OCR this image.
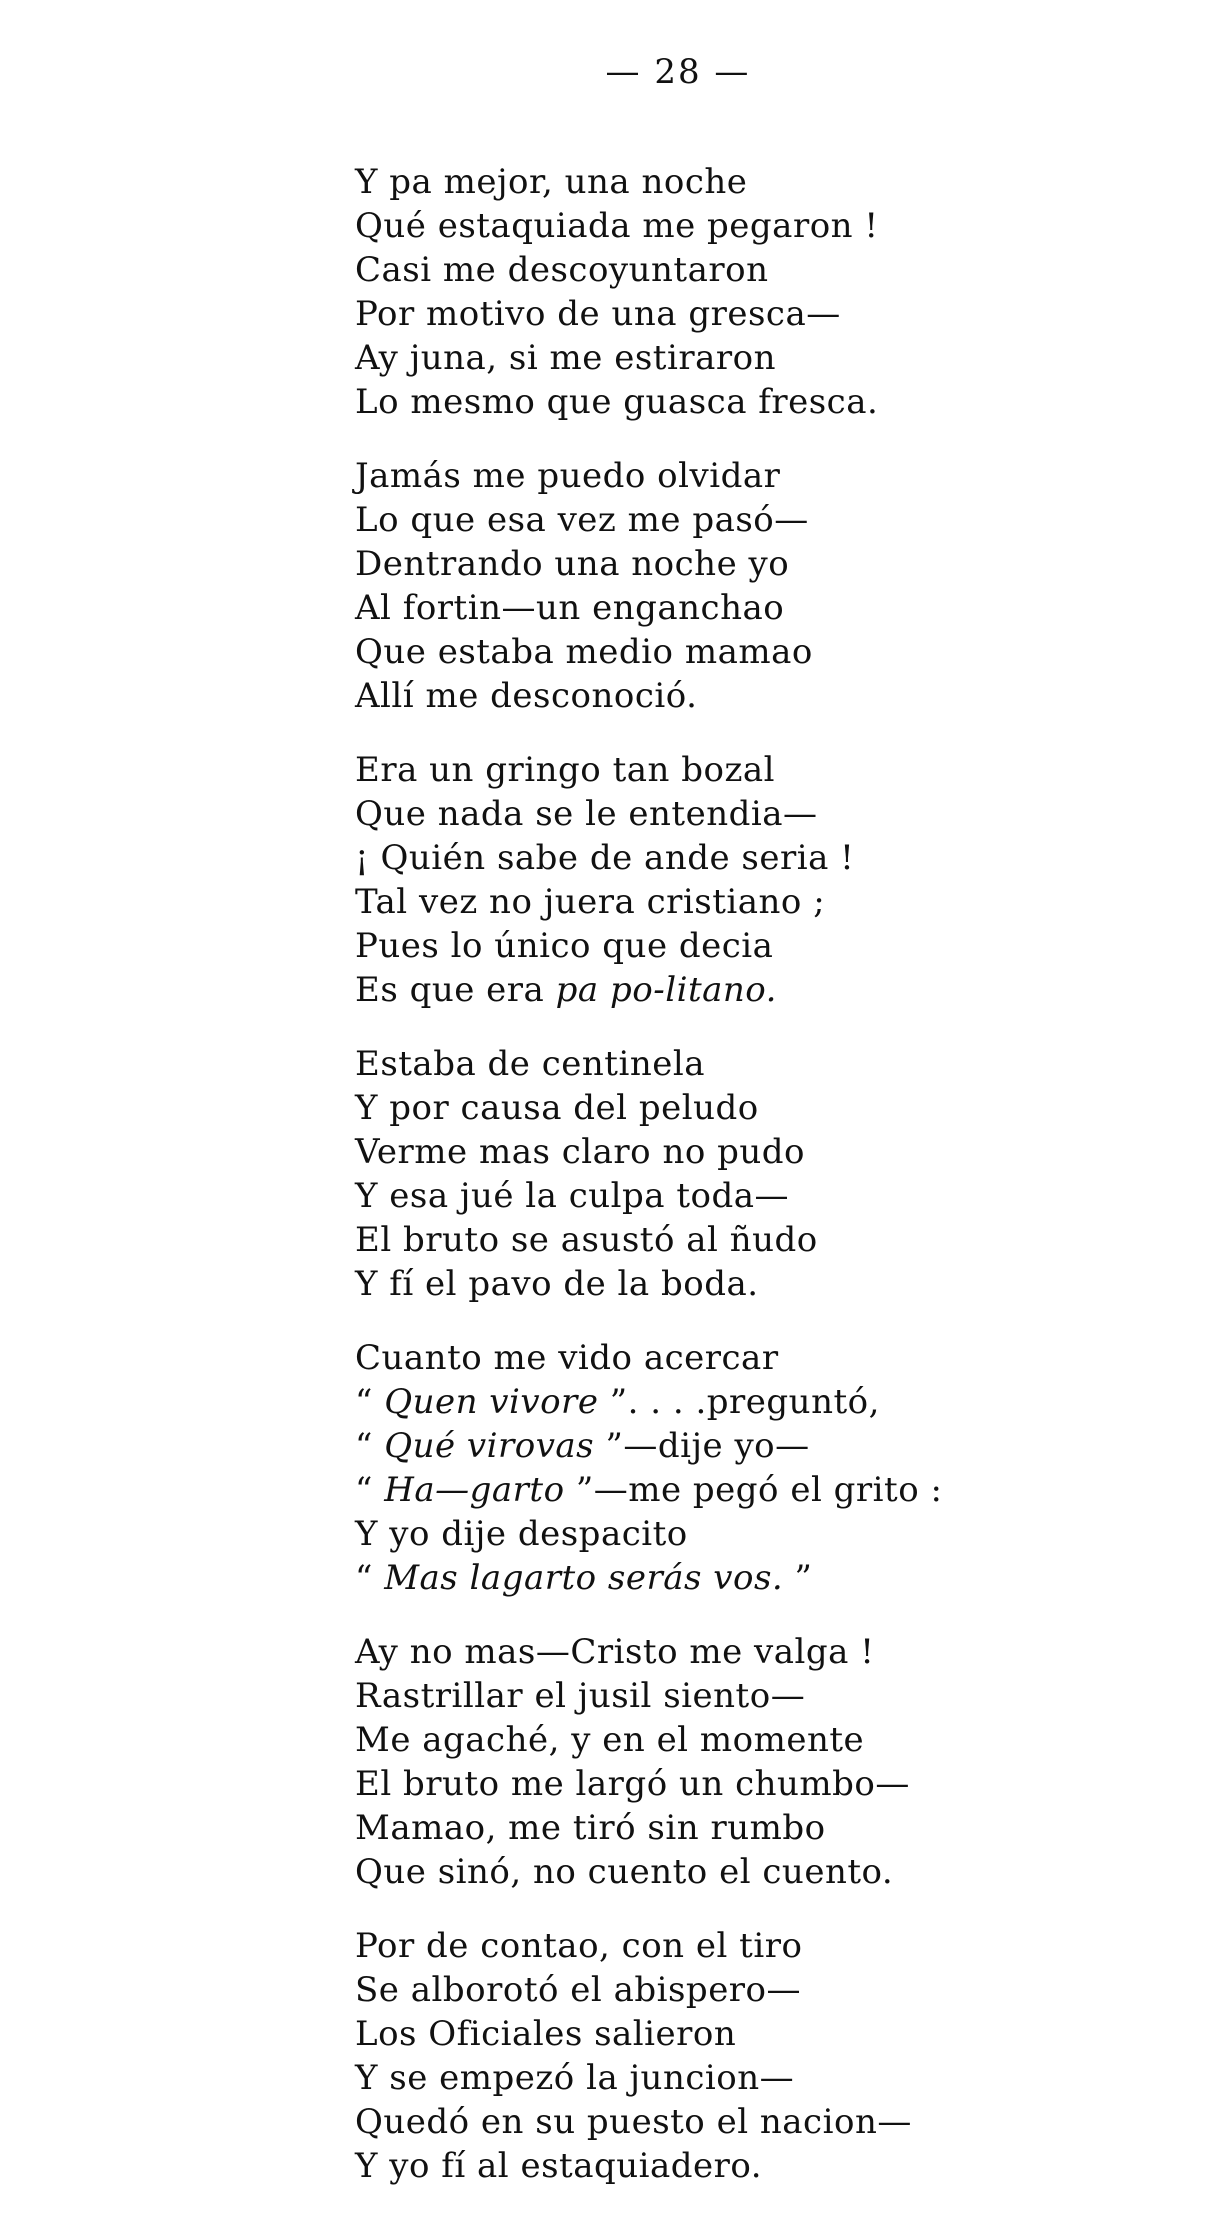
— 28 —
Y pa mejor, una noche
Qué estaquiada me pegaron !
Casi me descoyuntaron
Por motivo de una gresca—
Ay juna, si me estiraron
Lo mesmo que guasca fresca.
Jamás me puedo olvidar
Lo que esa vez me pasó—
Dentrando una noche yo
Al fortin—un enganchao
Que estaba medio mamao
Allí me desconoció.
Era un gringo tan bozal
Que nada se le entendia—
¡ Quién sabe de ande seria !
Tal vez no juera cristiano ;
Pues lo único que decia
Es que era pa po-litano.
Estaba de centinela
Y por causa del peludo
Verme mas claro no pudo
Y esa jué la culpa toda—
El bruto se asustó al ñudo
Y fí el pavo de la boda.
Cuanto me vido acercar
“ Quen vivore ”. . . .preguntó,
“ Qué virovas ”—dije yo—
“ Ha—garto ”—me pegó el grito :
Y yo dije despacito
“ Mas lagarto serás vos. ”
Ay no mas—Cristo me valga !
Rastrillar el jusil siento—
Me agaché, y en el momente
El bruto me largó un chumbo—
Mamao, me tiró sin rumbo
Que sinó, no cuento el cuento.
Por de contao, con el tiro
Se alborotó el abispero—
Los Oficiales salieron
Y se empezó la juncion—
Quedó en su puesto el nacion—
Y yo fí al estaquiadero.
